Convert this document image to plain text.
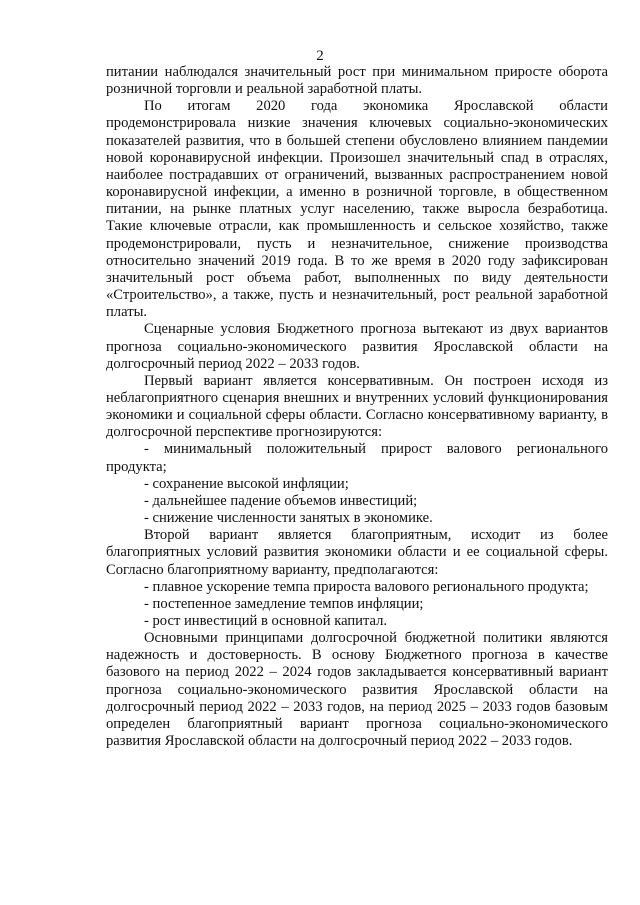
2

питании наблюдался значительный рост при минимальном приросте оборота розничной торговли и реальной заработной платы.

По итогам 2020 года экономика Ярославской области продемонстрировала низкие значения ключевых социально-экономических показателей развития, что в большей степени обусловлено влиянием пандемии новой коронавирусной инфекции. Произошел значительный спад в отраслях, наиболее пострадавших от ограничений, вызванных распространением новой коронавирусной инфекции, а именно в розничной торговле, в общественном питании, на рынке платных услуг населению, также выросла безработица. Такие ключевые отрасли, как промышленность и сельское хозяйство, также продемонстрировали, пусть и незначительное, снижение производства относительно значений 2019 года. В то же время в 2020 году зафиксирован значительный рост объема работ, выполненных по виду деятельности «Строительство», а также, пусть и незначительный, рост реальной заработной платы.

Сценарные условия Бюджетного прогноза вытекают из двух вариантов прогноза социально-экономического развития Ярославской области на долгосрочный период 2022 – 2033 годов.

Первый вариант является консервативным. Он построен исходя из неблагоприятного сценария внешних и внутренних условий функционирования экономики и социальной сферы области. Согласно консервативному варианту, в долгосрочной перспективе прогнозируются:

- минимальный положительный прирост валового регионального продукта;

- сохранение высокой инфляции;

- дальнейшее падение объемов инвестиций;

- снижение численности занятых в экономике.

Второй вариант является благоприятным, исходит из более благоприятных условий развития экономики области и ее социальной сферы. Согласно благоприятному варианту, предполагаются:

- плавное ускорение темпа прироста валового регионального продукта;

- постепенное замедление темпов инфляции;

- рост инвестиций в основной капитал.

Основными принципами долгосрочной бюджетной политики являются надежность и достоверность. В основу Бюджетного прогноза в качестве базового на период 2022 – 2024 годов закладывается консервативный вариант прогноза социально-экономического развития Ярославской области на долгосрочный период 2022 – 2033 годов, на период 2025 – 2033 годов базовым определен благоприятный вариант прогноза социально-экономического развития Ярославской области на долгосрочный период 2022 – 2033 годов.
